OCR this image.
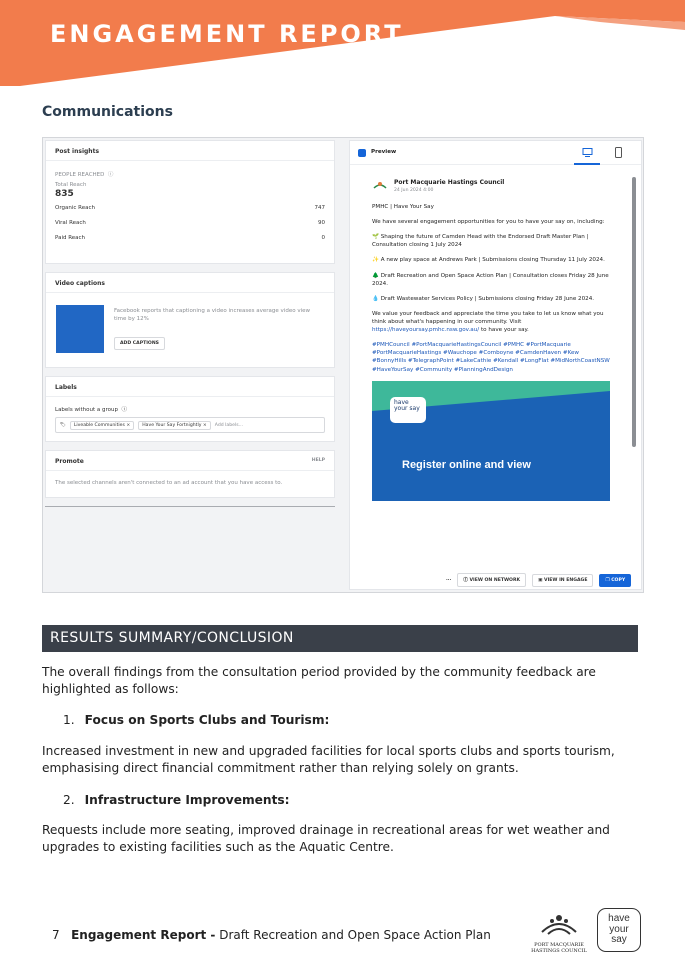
ENGAGEMENT REPORT
Communications
Post insights
PEOPLE REACHED  ⓘ
Total Reach
835
Organic Reach	747
Viral Reach	90
Paid Reach	0
Video captions
Facebook reports that captioning a video increases average video view time by 12%
ADD CAPTIONS
Labels
Labels without a group  ⓘ
🏷	Liveable Communities ×	Have Your Say Fortnightly ×	Add labels...
Promote	HELP
The selected channels aren't connected to an ad account that you have access to.
Preview
Port Macquarie Hastings Council
24 Jun 2024 4:00

PMHC | Have Your Say

We have several engagement opportunities for you to have your say on, including:

🌱 Shaping the future of Camden Head with the Endorsed Draft Master Plan | Consultation closing 1 July 2024

✨ A new play space at Andrews Park | Submissions closing Thursday 11 July 2024.

🌲 Draft Recreation and Open Space Action Plan | Consultation closes Friday 28 June 2024.

💧 Draft Wastewater Services Policy | Submissions closing Friday 28 June 2024.

We value your feedback and appreciate the time you take to let us know what you think about what's happening in our community. Visit https://haveyoursay.pmhc.nsw.gov.au/ to have your say.

#PMHCouncil #PortMacquarieHastingsCouncil #PMHC #PortMacquarie #PortMacquarieHastings #Wauchope #Comboyne #CamdenHaven #Kew #BonnyHills #TelegraphPoint #LakeCathie #Kendall #LongFlat #MidNorthCoastNSW #HaveYourSay #Community #PlanningAndDesign

have your say
Register online and view
···	ⓕ VIEW ON NETWORK	▣ VIEW IN ENGAGE	❐ COPY
RESULTS SUMMARY/CONCLUSION
The overall findings from the consultation period provided by the community feedback are highlighted as follows:
1. Focus on Sports Clubs and Tourism:
Increased investment in new and upgraded facilities for local sports clubs and sports tourism, emphasising direct financial commitment rather than relying solely on grants.
2. Infrastructure Improvements:
Requests include more seating, improved drainage in recreational areas for wet weather and upgrades to existing facilities such as the Aquatic Centre.
7 Engagement Report - Draft Recreation and Open Space Action Plan
PORT MACQUARIE HASTINGS COUNCIL
have your say
